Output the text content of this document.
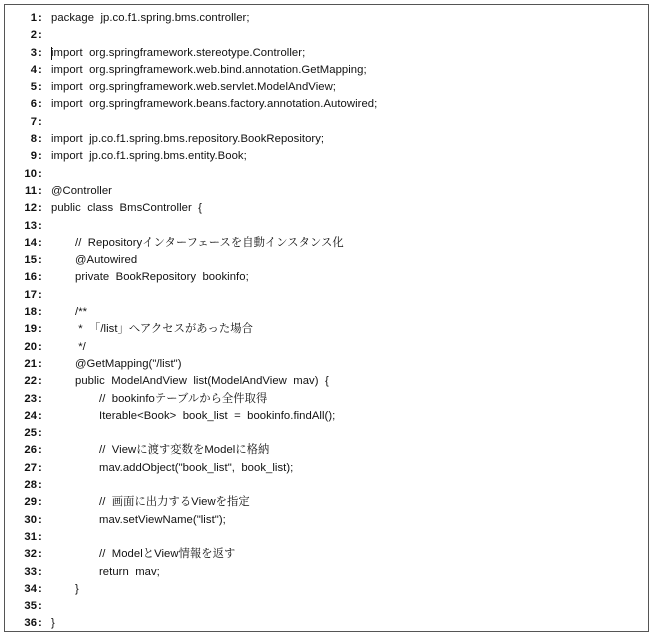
1 : package  jp.co.f1.spring.bms.controller;
2 :
3 : import  org.springframework.stereotype.Controller;
4 : import  org.springframework.web.bind.annotation.GetMapping;
5 : import  org.springframework.web.servlet.ModelAndView;
6 : import  org.springframework.beans.factory.annotation.Autowired;
7 :
8 : import  jp.co.f1.spring.bms.repository.BookRepository;
9 : import  jp.co.f1.spring.bms.entity.Book;
10 :
11 : @Controller
12 : public  class  BmsController  {
13 :
14 :	//  Repositoryインターフェースを自動インスタンス化
15 :	@Autowired
16 :	private  BookRepository  bookinfo;
17 :
18 :	/**
19 :	*  「/list」へアクセスがあった場合
20 :	*/
21 :	@GetMapping("/list")
22 :	public  ModelAndView  list(ModelAndView  mav)  {
23 :	//  bookinfoテーブルから全件取得
24 :	Iterable<Book>  book_list  =  bookinfo.findAll();
25 :
26 :	//  Viewに渡す変数をModelに格納
27 :	mav.addObject("book_list",  book_list);
28 :
29 :	//  画面に出力するViewを指定
30 :	mav.setViewName("list");
31 :
32 :	//  ModelとView情報を返す
33 :	return  mav;
34 :	}
35 :
36 : }
